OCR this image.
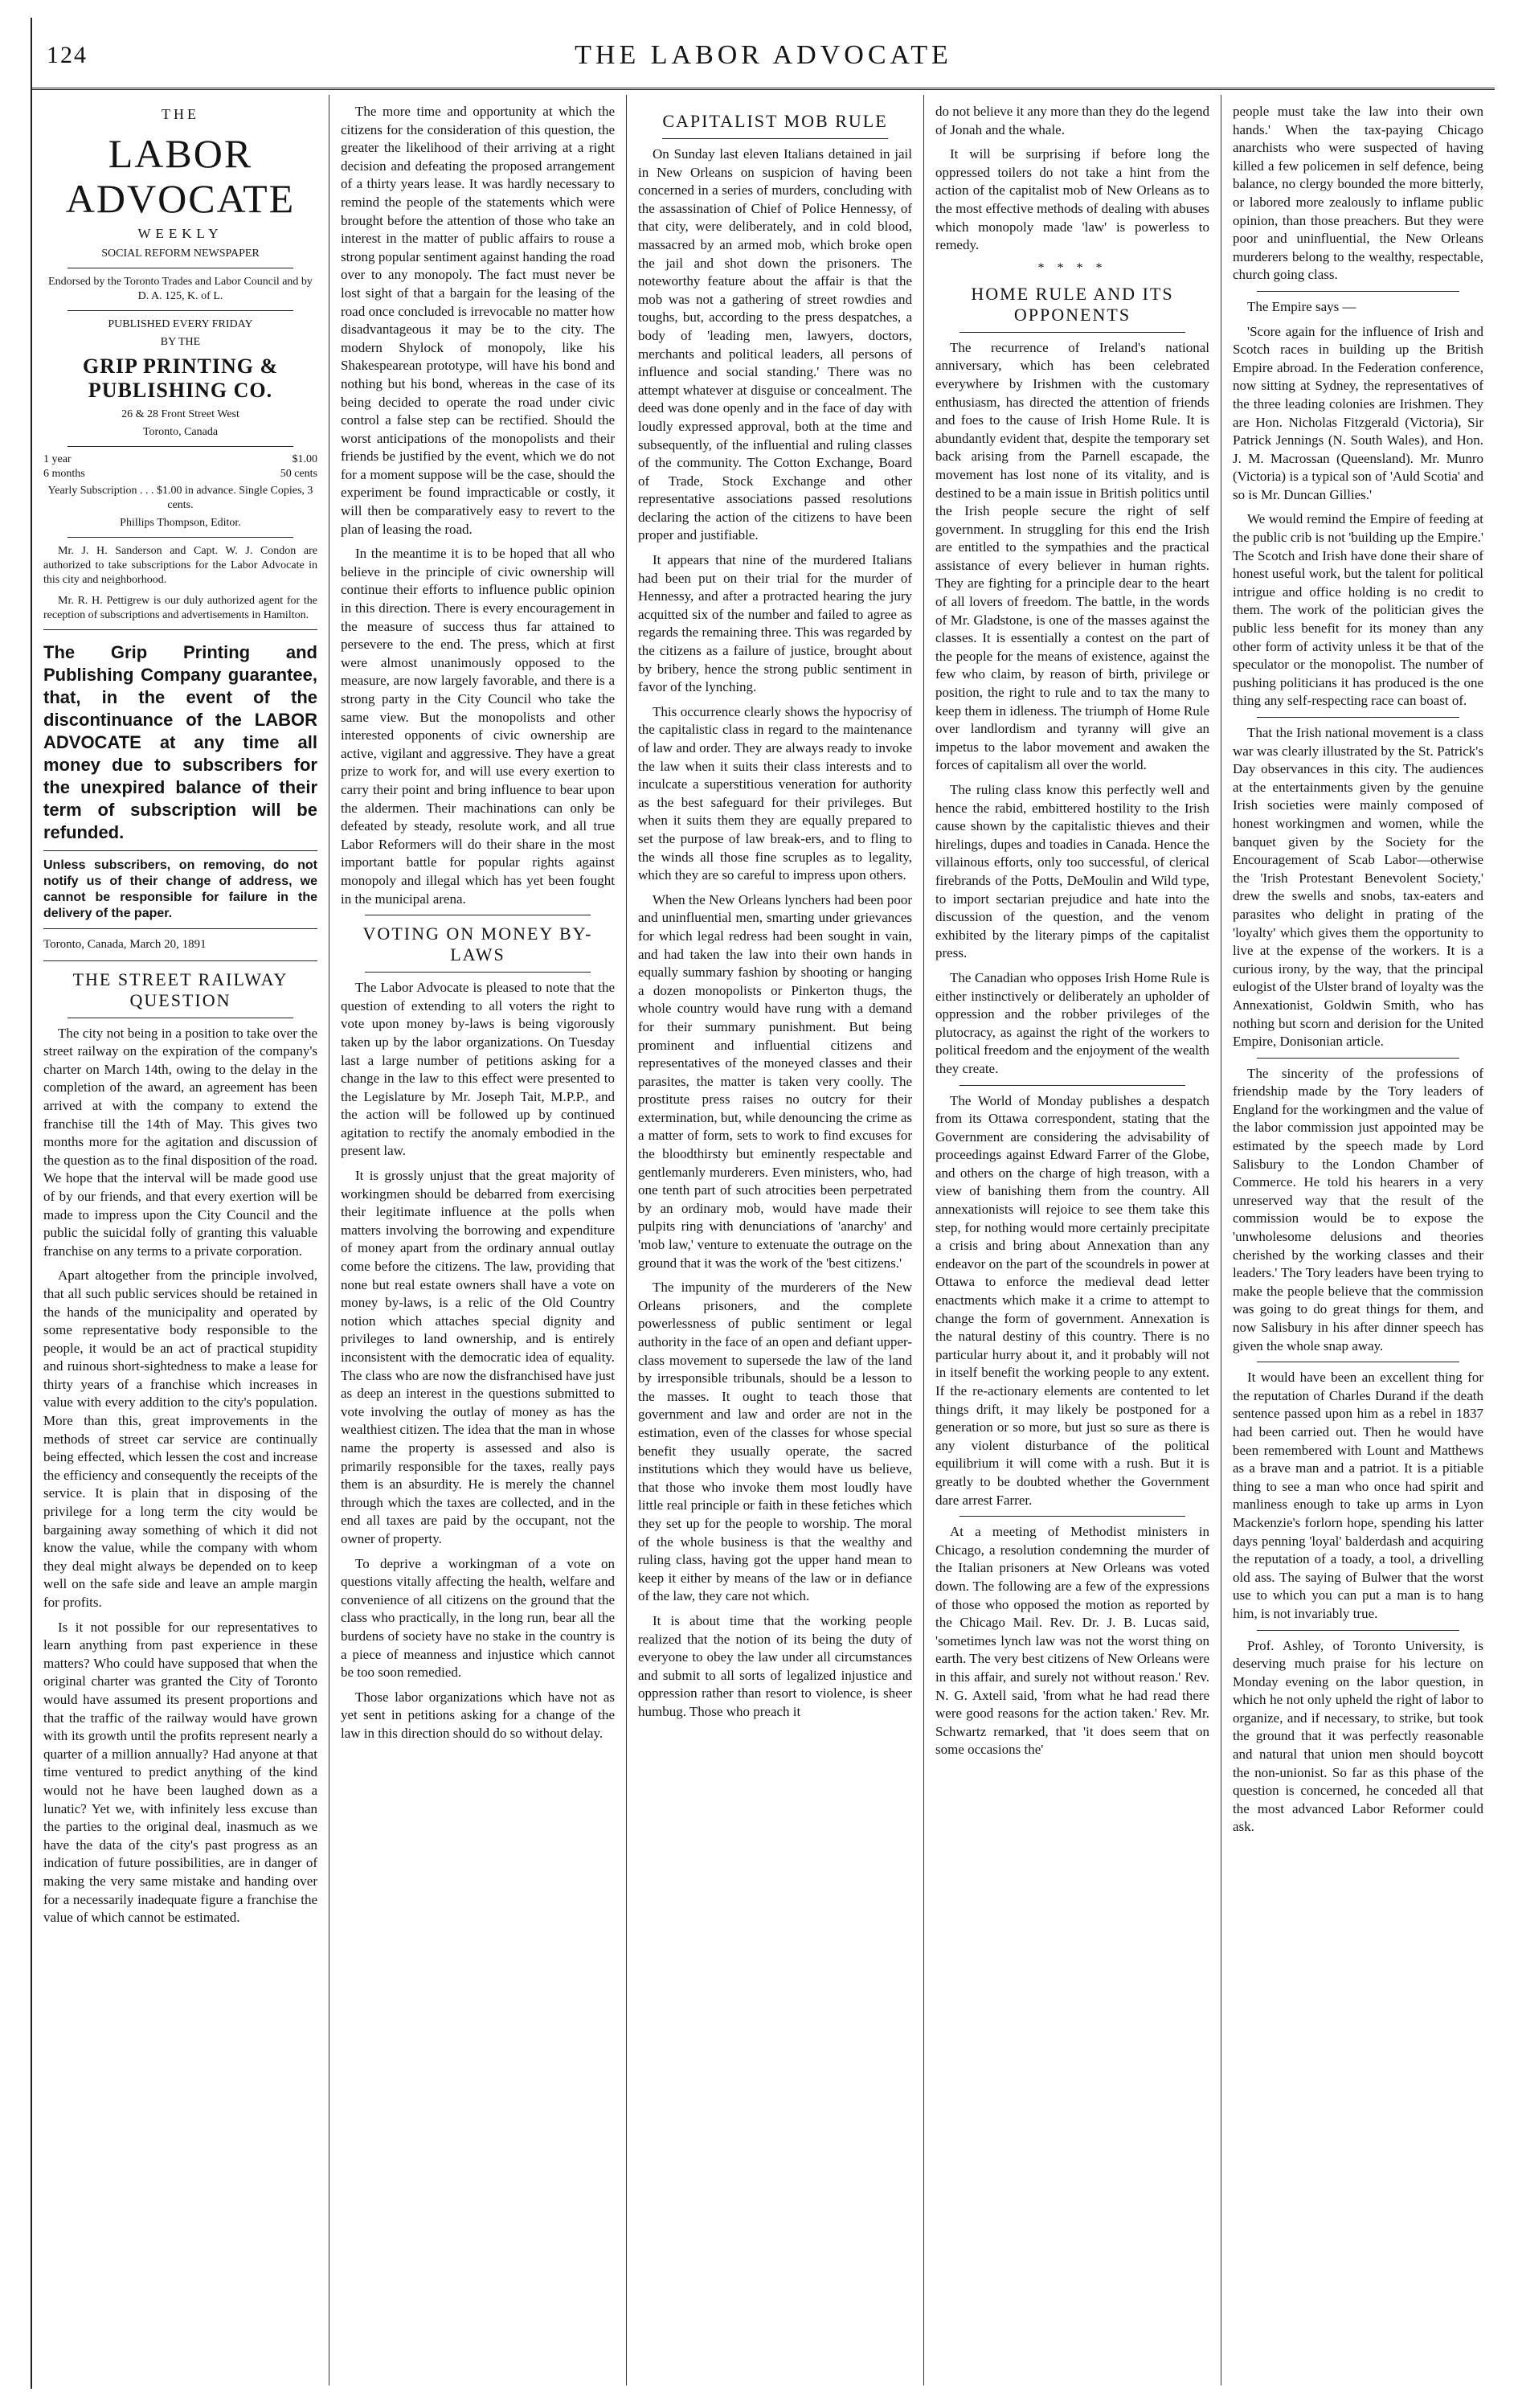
124	THE LABOR ADVOCATE
THE
LABOR ADVOCATE
WEEKLY
SOCIAL REFORM NEWSPAPER
Endorsed by the Toronto Trades and Labor Council and by D. A. 125, K. of L.
PUBLISHED EVERY FRIDAY
BY THE
GRIP PRINTING & PUBLISHING CO.
26 & 28 Front Street West
Toronto, Canada
1 year	$1.00
6 months	50 cents
Yearly Subscription . . . $1.00 in advance. Single Copies, 3 cents.
Phillips Thompson, Editor.

Mr. J. H. Sanderson and Capt. W. J. Condon are authorized to take subscriptions for the Labor Advocate in this city and neighborhood.

Mr. R. H. Pettigrew is our duly authorized agent for the reception of subscriptions and advertisements in Hamilton.

The Grip Printing and Publishing Company guarantee, that, in the event of the discontinuance of the LABOR ADVOCATE at any time all money due to subscribers for the unexpired balance of their term of subscription will be refunded.

Unless subscribers, on removing, do not notify us of their change of address, we cannot be responsible for failure in the delivery of the paper.

Toronto, Canada, March 20, 1891

THE STREET RAILWAY QUESTION

The city not being in a position to take over the street railway on the expiration of the company's charter on March 14th, owing to the delay in the completion of the award, an agreement has been arrived at with the company to extend the franchise till the 14th of May. This gives two months more for the agitation and discussion of the question as to the final disposition of the road. We hope that the interval will be made good use of by our friends, and that every exertion will be made to impress upon the City Council and the public the suicidal folly of granting this valuable franchise on any terms to a private corporation.

Apart altogether from the principle involved, that all such public services should be retained in the hands of the municipality and operated by some representative body responsible to the people, it would be an act of practical stupidity and ruinous short-sightedness to make a lease for thirty years of a franchise which increases in value with every addition to the city's population. More than this, great improvements in the methods of street car service are continually being effected, which lessen the cost and increase the efficiency and consequently the receipts of the service. It is plain that in disposing of the privilege for a long term the city would be bargaining away something of which it did not know the value, while the company with whom they deal might always be depended on to keep well on the safe side and leave an ample margin for profits.

Is it not possible for our representatives to learn anything from past experience in these matters? Who could have supposed that when the original charter was granted the City of Toronto would have assumed its present proportions and that the traffic of the railway would have grown with its growth until the profits represent nearly a quarter of a million annually? Had anyone at that time ventured to predict anything of the kind would not he have been laughed down as a lunatic? Yet we, with infinitely less excuse than the parties to the original deal, inasmuch as we have the data of the city's past progress as an indication of future possibilities, are in danger of making the very same mistake and handing over for a necessarily inadequate figure a franchise the value of which cannot be estimated.

The more time and opportunity at which the citizens for the consideration of this question, the greater the likelihood of their arriving at a right decision and defeating the proposed arrangement of a thirty years lease. It was hardly necessary to remind the people of the statements which were brought before the attention of those who take an interest in the matter of public affairs to rouse a strong popular sentiment against handing the road over to any monopoly. The fact must never be lost sight of that a bargain for the leasing of the road once concluded is irrevocable no matter how disadvantageous it may be to the city. The modern Shylock of monopoly, like his Shakespearean prototype, will have his bond and nothing but his bond, whereas in the case of its being decided to operate the road under civic control a false step can be rectified. Should the worst anticipations of the monopolists and their friends be justified by the event, which we do not for a moment suppose will be the case, should the experiment be found impracticable or costly, it will then be comparatively easy to revert to the plan of leasing the road.

In the meantime it is to be hoped that all who believe in the principle of civic ownership will continue their efforts to influence public opinion in this direction. There is every encouragement in the measure of success thus far attained to persevere to the end. The press, which at first were almost unanimously opposed to the measure, are now largely favorable, and there is a strong party in the City Council who take the same view. But the monopolists and other interested opponents of civic ownership are active, vigilant and aggressive. They have a great prize to work for, and will use every exertion to carry their point and bring influence to bear upon the aldermen. Their machinations can only be defeated by steady, resolute work, and all true Labor Reformers will do their share in the most important battle for popular rights against monopoly and illegal which has yet been fought in the municipal arena.

VOTING ON MONEY BY-LAWS

The Labor Advocate is pleased to note that the question of extending to all voters the right to vote upon money by-laws is being vigorously taken up by the labor organizations. On Tuesday last a large number of petitions asking for a change in the law to this effect were presented to the Legislature by Mr. Joseph Tait, M.P.P., and the action will be followed up by continued agitation to rectify the anomaly embodied in the present law.

It is grossly unjust that the great majority of workingmen should be debarred from exercising their legitimate influence at the polls when matters involving the borrowing and expenditure of money apart from the ordinary annual outlay come before the citizens. The law, providing that none but real estate owners shall have a vote on money by-laws, is a relic of the Old Country notion which attaches special dignity and privileges to land ownership, and is entirely inconsistent with the democratic idea of equality. The class who are now the disfranchised have just as deep an interest in the questions submitted to vote involving the outlay of money as has the wealthiest citizen. The idea that the man in whose name the property is assessed and also is primarily responsible for the taxes, really pays them is an absurdity. He is merely the channel through which the taxes are collected, and in the end all taxes are paid by the occupant, not the owner of property.

To deprive a workingman of a vote on questions vitally affecting the health, welfare and convenience of all citizens on the ground that the class who practically, in the long run, bear all the burdens of society have no stake in the country is a piece of meanness and injustice which cannot be too soon remedied.

Those labor organizations which have not as yet sent in petitions asking for a change of the law in this direction should do so without delay.

CAPITALIST MOB RULE

On Sunday last eleven Italians detained in jail in New Orleans on suspicion of having been concerned in a series of murders, concluding with the assassination of Chief of Police Hennessy, of that city, were deliberately, and in cold blood, massacred by an armed mob, which broke open the jail and shot down the prisoners. The noteworthy feature about the affair is that the mob was not a gathering of street rowdies and toughs, but, according to the press despatches, a body of 'leading men, lawyers, doctors, merchants and political leaders, all persons of influence and social standing.' There was no attempt whatever at disguise or concealment. The deed was done openly and in the face of day with loudly expressed approval, both at the time and subsequently, of the influential and ruling classes of the community. The Cotton Exchange, Board of Trade, Stock Exchange and other representative associations passed resolutions declaring the action of the citizens to have been proper and justifiable.

It appears that nine of the murdered Italians had been put on their trial for the murder of Hennessy, and after a protracted hearing the jury acquitted six of the number and failed to agree as regards the remaining three. This was regarded by the citizens as a failure of justice, brought about by bribery, hence the strong public sentiment in favor of the lynching.

This occurrence clearly shows the hypocrisy of the capitalistic class in regard to the maintenance of law and order. They are always ready to invoke the law when it suits their class interests and to inculcate a superstitious veneration for authority as the best safeguard for their privileges. But when it suits them they are equally prepared to set the purpose of law break-ers, and to fling to the winds all those fine scruples as to legality, which they are so careful to impress upon others.

When the New Orleans lynchers had been poor and uninfluential men, smarting under grievances for which legal redress had been sought in vain, and had taken the law into their own hands in equally summary fashion by shooting or hanging a dozen monopolists or Pinkerton thugs, the whole country would have rung with a demand for their summary punishment. But being prominent and influential citizens and representatives of the moneyed classes and their parasites, the matter is taken very coolly. The prostitute press raises no outcry for their extermination, but, while denouncing the crime as a matter of form, sets to work to find excuses for the bloodthirsty but eminently respectable and gentlemanly murderers. Even ministers, who, had one tenth part of such atrocities been perpetrated by an ordinary mob, would have made their pulpits ring with denunciations of 'anarchy' and 'mob law,' venture to extenuate the outrage on the ground that it was the work of the 'best citizens.'

The impunity of the murderers of the New Orleans prisoners, and the complete powerlessness of public sentiment or legal authority in the face of an open and defiant upper-class movement to supersede the law of the land by irresponsible tribunals, should be a lesson to the masses. It ought to teach those that government and law and order are not in the estimation, even of the classes for whose special benefit they usually operate, the sacred institutions which they would have us believe, that those who invoke them most loudly have little real principle or faith in these fetiches which they set up for the people to worship. The moral of the whole business is that the wealthy and ruling class, having got the upper hand mean to keep it either by means of the law or in defiance of the law, they care not which.

It is about time that the working people realized that the notion of its being the duty of everyone to obey the law under all circumstances and submit to all sorts of legalized injustice and oppression rather than resort to violence, is sheer humbug. Those who preach it

do not believe it any more than they do the legend of Jonah and the whale.

It will be surprising if before long the oppressed toilers do not take a hint from the action of the capitalist mob of New Orleans as to the most effective methods of dealing with abuses which monopoly made 'law' is powerless to remedy.

* * * *
HOME RULE AND ITS OPPONENTS

The recurrence of Ireland's national anniversary, which has been celebrated everywhere by Irishmen with the customary enthusiasm, has directed the attention of friends and foes to the cause of Irish Home Rule. It is abundantly evident that, despite the temporary set back arising from the Parnell escapade, the movement has lost none of its vitality, and is destined to be a main issue in British politics until the Irish people secure the right of self government. In struggling for this end the Irish are entitled to the sympathies and the practical assistance of every believer in human rights. They are fighting for a principle dear to the heart of all lovers of freedom. The battle, in the words of Mr. Gladstone, is one of the masses against the classes. It is essentially a contest on the part of the people for the means of existence, against the few who claim, by reason of birth, privilege or position, the right to rule and to tax the many to keep them in idleness. The triumph of Home Rule over landlordism and tyranny will give an impetus to the labor movement and awaken the forces of capitalism all over the world.

The ruling class know this perfectly well and hence the rabid, embittered hostility to the Irish cause shown by the capitalistic thieves and their hirelings, dupes and toadies in Canada. Hence the villainous efforts, only too successful, of clerical firebrands of the Potts, DeMoulin and Wild type, to import sectarian prejudice and hate into the discussion of the question, and the venom exhibited by the literary pimps of the capitalist press.

The Canadian who opposes Irish Home Rule is either instinctively or deliberately an upholder of oppression and the robber privileges of the plutocracy, as against the right of the workers to political freedom and the enjoyment of the wealth they create.

The World of Monday publishes a despatch from its Ottawa correspondent, stating that the Government are considering the advisability of proceedings against Edward Farrer of the Globe, and others on the charge of high treason, with a view of banishing them from the country. All annexationists will rejoice to see them take this step, for nothing would more certainly precipitate a crisis and bring about Annexation than any endeavor on the part of the scoundrels in power at Ottawa to enforce the medieval dead letter enactments which make it a crime to attempt to change the form of government. Annexation is the natural destiny of this country. There is no particular hurry about it, and it probably will not in itself benefit the working people to any extent. If the re-actionary elements are contented to let things drift, it may likely be postponed for a generation or so more, but just so sure as there is any violent disturbance of the political equilibrium it will come with a rush. But it is greatly to be doubted whether the Government dare arrest Farrer.

At a meeting of Methodist ministers in Chicago, a resolution condemning the murder of the Italian prisoners at New Orleans was voted down. The following are a few of the expressions of those who opposed the motion as reported by the Chicago Mail. Rev. Dr. J. B. Lucas said, 'sometimes lynch law was not the worst thing on earth. The very best citizens of New Orleans were in this affair, and surely not without reason.' Rev. N. G. Axtell said, 'from what he had read there were good reasons for the action taken.' Rev. Mr. Schwartz remarked, that 'it does seem that on some occasions the'

people must take the law into their own hands.' When the tax-paying Chicago anarchists who were suspected of having killed a few policemen in self defence, being balance, no clergy bounded the more bitterly, or labored more zealously to inflame public opinion, than those preachers. But they were poor and uninfluential, the New Orleans murderers belong to the wealthy, respectable, church going class.

The Empire says —

'Score again for the influence of Irish and Scotch races in building up the British Empire abroad. In the Federation conference, now sitting at Sydney, the representatives of the three leading colonies are Irishmen. They are Hon. Nicholas Fitzgerald (Victoria), Sir Patrick Jennings (N. South Wales), and Hon. J. M. Macrossan (Queensland). Mr. Munro (Victoria) is a typical son of 'Auld Scotia' and so is Mr. Duncan Gillies.'

We would remind the Empire of feeding at the public crib is not 'building up the Empire.' The Scotch and Irish have done their share of honest useful work, but the talent for political intrigue and office holding is no credit to them. The work of the politician gives the public less benefit for its money than any other form of activity unless it be that of the speculator or the monopolist. The number of pushing politicians it has produced is the one thing any self-respecting race can boast of.

That the Irish national movement is a class war was clearly illustrated by the St. Patrick's Day observances in this city. The audiences at the entertainments given by the genuine Irish societies were mainly composed of honest workingmen and women, while the banquet given by the Society for the Encouragement of Scab Labor—otherwise the 'Irish Protestant Benevolent Society,' drew the swells and snobs, tax-eaters and parasites who delight in prating of the 'loyalty' which gives them the opportunity to live at the expense of the workers. It is a curious irony, by the way, that the principal eulogist of the Ulster brand of loyalty was the Annexationist, Goldwin Smith, who has nothing but scorn and derision for the United Empire, Donisonian article.

The sincerity of the professions of friendship made by the Tory leaders of England for the workingmen and the value of the labor commission just appointed may be estimated by the speech made by Lord Salisbury to the London Chamber of Commerce. He told his hearers in a very unreserved way that the result of the commission would be to expose the 'unwholesome delusions and theories cherished by the working classes and their leaders.' The Tory leaders have been trying to make the people believe that the commission was going to do great things for them, and now Salisbury in his after dinner speech has given the whole snap away.

It would have been an excellent thing for the reputation of Charles Durand if the death sentence passed upon him as a rebel in 1837 had been carried out. Then he would have been remembered with Lount and Matthews as a brave man and a patriot. It is a pitiable thing to see a man who once had spirit and manliness enough to take up arms in Lyon Mackenzie's forlorn hope, spending his latter days penning 'loyal' balderdash and acquiring the reputation of a toady, a tool, a drivelling old ass. The saying of Bulwer that the worst use to which you can put a man is to hang him, is not invariably true.

Prof. Ashley, of Toronto University, is deserving much praise for his lecture on Monday evening on the labor question, in which he not only upheld the right of labor to organize, and if necessary, to strike, but took the ground that it was perfectly reasonable and natural that union men should boycott the non-unionist. So far as this phase of the question is concerned, he conceded all that the most advanced Labor Reformer could ask.
